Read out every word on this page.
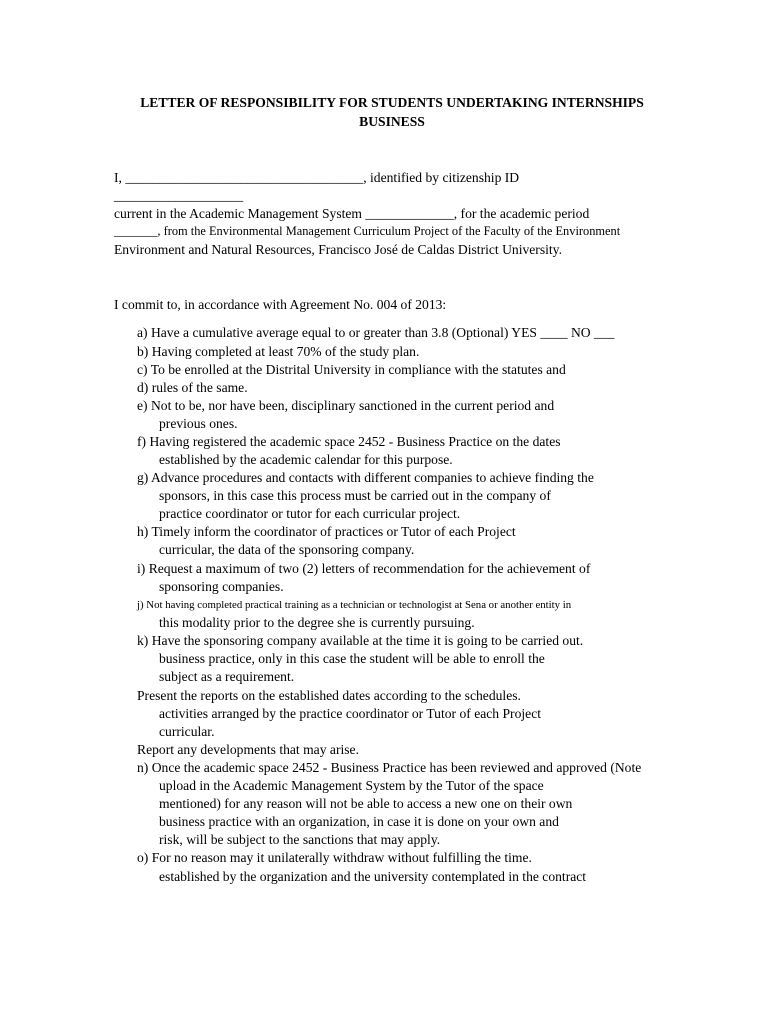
LETTER OF RESPONSIBILITY FOR STUDENTS UNDERTAKING INTERNSHIPS
BUSINESS
I, ___________________________________, identified by citizenship ID
___________________
current in the Academic Management System _____________, for the academic period
_______, from the Environmental Management Curriculum Project of the Faculty of the Environment
Environment and Natural Resources, Francisco José de Caldas District University.
I commit to, in accordance with Agreement No. 004 of 2013:
a) Have a cumulative average equal to or greater than 3.8 (Optional) YES ____ NO ___
b) Having completed at least 70% of the study plan.
c) To be enrolled at the Distrital University in compliance with the statutes and
d) rules of the same.
e) Not to be, nor have been, disciplinary sanctioned in the current period and
previous ones.
f) Having registered the academic space 2452 - Business Practice on the dates
established by the academic calendar for this purpose.
g) Advance procedures and contacts with different companies to achieve finding the
sponsors, in this case this process must be carried out in the company of
practice coordinator or tutor for each curricular project.
h) Timely inform the coordinator of practices or Tutor of each Project
curricular, the data of the sponsoring company.
i) Request a maximum of two (2) letters of recommendation for the achievement of
sponsoring companies.
j) Not having completed practical training as a technician or technologist at Sena or another entity in
this modality prior to the degree she is currently pursuing.
k) Have the sponsoring company available at the time it is going to be carried out.
business practice, only in this case the student will be able to enroll the
subject as a requirement.
Present the reports on the established dates according to the schedules.
activities arranged by the practice coordinator or Tutor of each Project
curricular.
Report any developments that may arise.
n) Once the academic space 2452 - Business Practice has been reviewed and approved (Note
upload in the Academic Management System by the Tutor of the space
mentioned) for any reason will not be able to access a new one on their own
business practice with an organization, in case it is done on your own and
risk, will be subject to the sanctions that may apply.
o) For no reason may it unilaterally withdraw without fulfilling the time.
established by the organization and the university contemplated in the contract
